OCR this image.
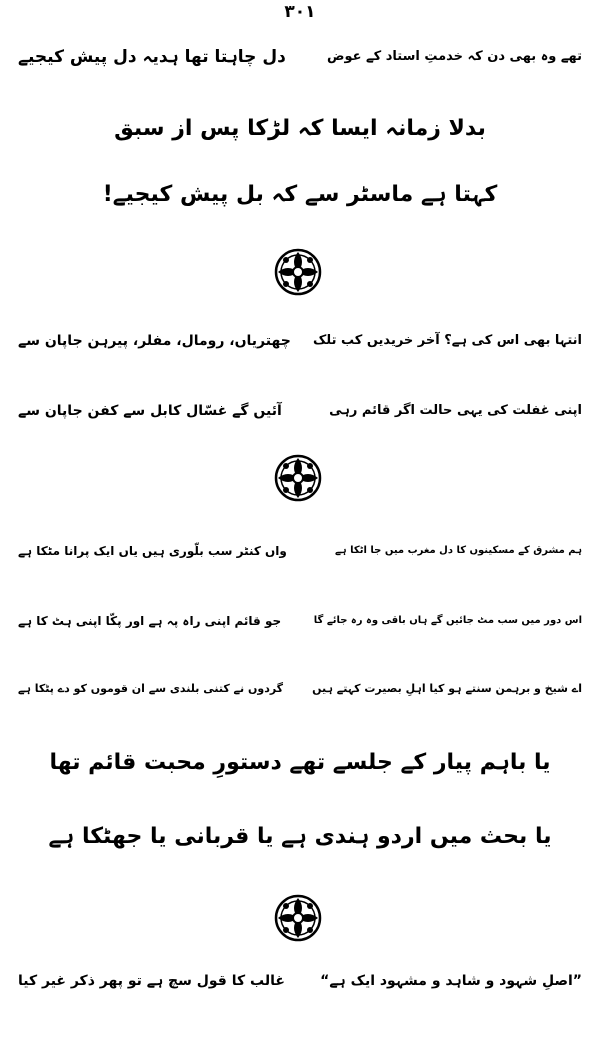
۳۰۱
تھے وہ بھی دن کہ خدمتِ استاد کے عوض
دل چاہتا تھا ہدیہ دل پیش کیجیے
بدلا زمانہ ایسا کہ لڑکا پس از سبق
کہتا ہے ماسٹر سے کہ بل پیش کیجیے!
انتہا بھی اس کی ہے؟ آخر خریدیں کب تلک
چھتریاں، رومال، مفلر، پیرہن جاپان سے
اپنی غفلت کی یہی حالت اگر قائم رہی
آئیں گے غسّال کابل سے کفن جاپان سے
ہم مشرق کے مسکینوں کا دل مغرب میں جا اٹکا ہے
واں کنٹر سب بلّوری ہیں یاں ایک پرانا مٹکا ہے
اس دور میں سب مٹ جائیں گے ہاں باقی وہ رہ جائے گا
جو قائم اپنی راہ پہ ہے اور پکّا اپنی ہٹ کا ہے
اے شیخ و برہمن سنتے ہو کیا اہلِ بصیرت کہتے ہیں
گردوں نے کتنی بلندی سے ان قوموں کو دے پٹکا ہے
یا باہم پیار کے جلسے تھے دستورِ محبت قائم تھا
یا بحث میں اردو ہندی ہے یا قربانی یا جھٹکا ہے
”اصلِ شہود و شاہد و مشہود ایک ہے“
غالب کا قول سچ ہے تو پھر ذکر غیر کیا
